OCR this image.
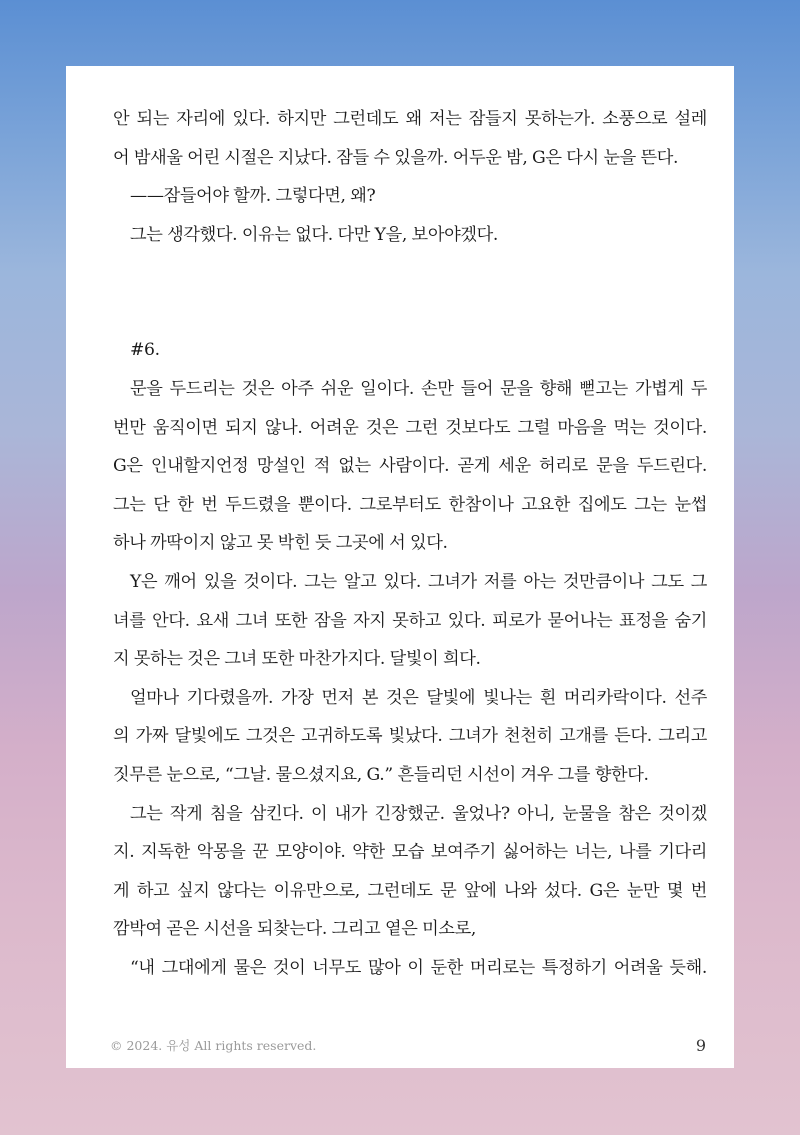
안 되는 자리에 있다. 하지만 그런데도 왜 저는 잠들지 못하는가. 소풍으로 설레
어 밤새울 어린 시절은 지났다. 잠들 수 있을까. 어두운 밤, G은 다시 눈을 뜬다.
——잠들어야 할까. 그렇다면, 왜?
그는 생각했다. 이유는 없다. 다만 Y을, 보아야겠다.
#6.
문을 두드리는 것은 아주 쉬운 일이다. 손만 들어 문을 향해 뻗고는 가볍게 두
번만 움직이면 되지 않나. 어려운 것은 그런 것보다도 그럴 마음을 먹는 것이다.
G은 인내할지언정 망설인 적 없는 사람이다. 곧게 세운 허리로 문을 두드린다.
그는 단 한 번 두드렸을 뿐이다. 그로부터도 한참이나 고요한 집에도 그는 눈썹
하나 까딱이지 않고 못 박힌 듯 그곳에 서 있다.
Y은 깨어 있을 것이다. 그는 알고 있다. 그녀가 저를 아는 것만큼이나 그도 그
녀를 안다. 요새 그녀 또한 잠을 자지 못하고 있다. 피로가 묻어나는 표정을 숨기
지 못하는 것은 그녀 또한 마찬가지다. 달빛이 희다.
얼마나 기다렸을까. 가장 먼저 본 것은 달빛에 빛나는 흰 머리카락이다. 선주
의 가짜 달빛에도 그것은 고귀하도록 빛났다. 그녀가 천천히 고개를 든다. 그리고
짓무른 눈으로, “그날. 물으셨지요, G.” 흔들리던 시선이 겨우 그를 향한다.
그는 작게 침을 삼킨다. 이 내가 긴장했군. 울었나? 아니, 눈물을 참은 것이겠
지. 지독한 악몽을 꾼 모양이야. 약한 모습 보여주기 싫어하는 너는, 나를 기다리
게 하고 싶지 않다는 이유만으로, 그런데도 문 앞에 나와 섰다. G은 눈만 몇 번
깜박여 곧은 시선을 되찾는다. 그리고 옅은 미소로,
“내 그대에게 물은 것이 너무도 많아 이 둔한 머리로는 특정하기 어려울 듯해.
© 2024. 유성 All rights reserved.	9
